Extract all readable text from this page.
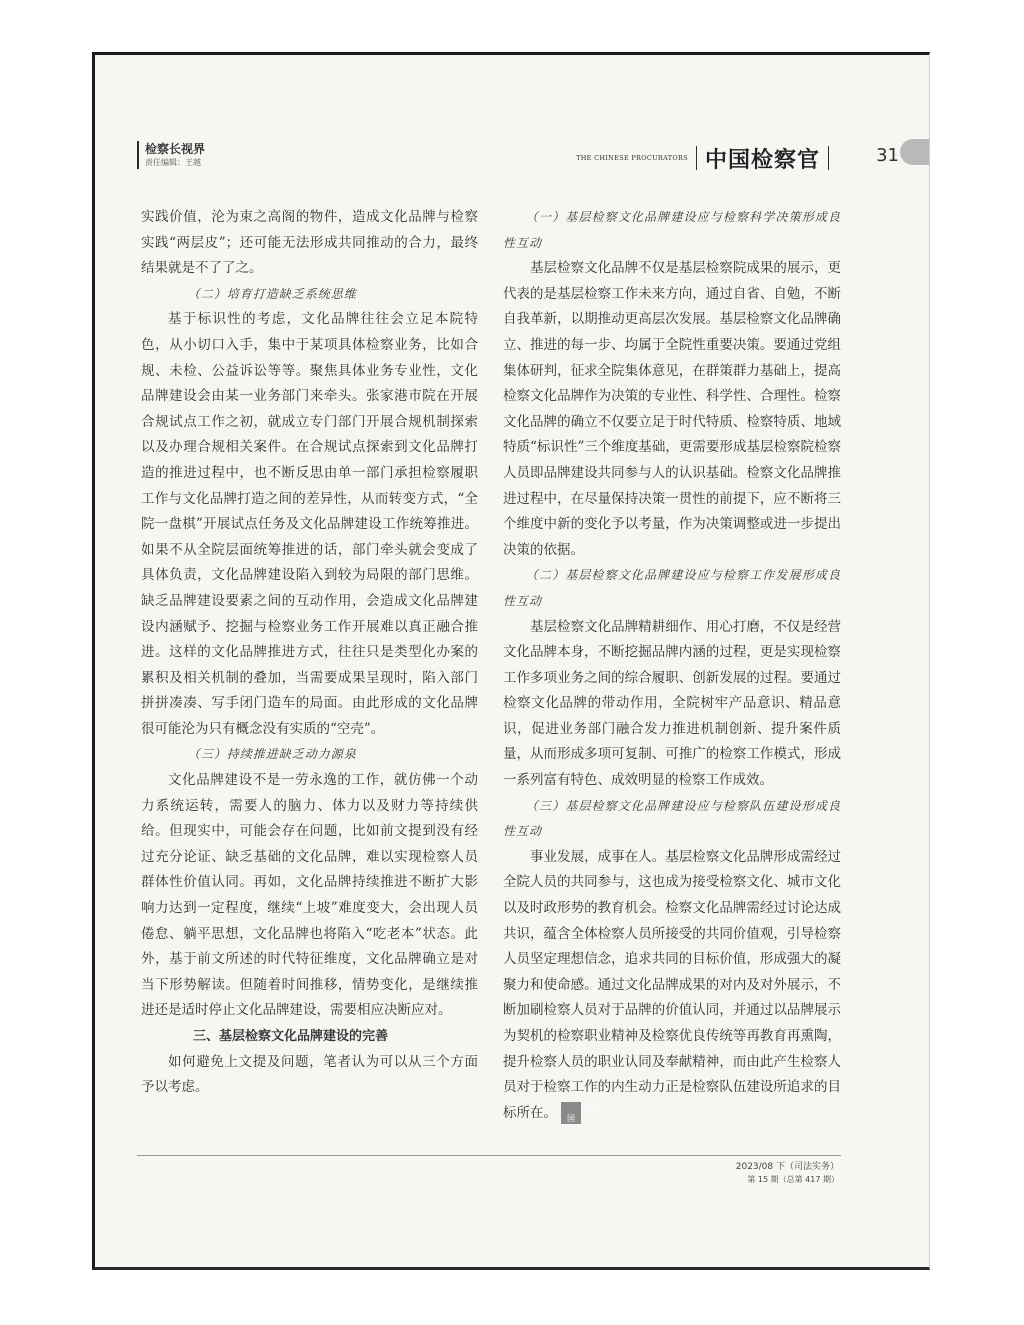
检察长视界
责任编辑：王越	THE CHINESE PROCURATORS 中国检察官	31

实践价值，沦为束之高阁的物件，造成文化品牌与检察实践“两层皮”；还可能无法形成共同推动的合力，最终结果就是不了了之。

（二）培育打造缺乏系统思维

基于标识性的考虑，文化品牌往往会立足本院特色，从小切口入手，集中于某项具体检察业务，比如合规、未检、公益诉讼等等。聚焦具体业务专业性，文化品牌建设会由某一业务部门来牵头。张家港市院在开展合规试点工作之初，就成立专门部门开展合规机制探索以及办理合规相关案件。在合规试点探索到文化品牌打造的推进过程中，也不断反思由单一部门承担检察履职工作与文化品牌打造之间的差异性，从而转变方式，“全院一盘棋”开展试点任务及文化品牌建设工作统筹推进。如果不从全院层面统筹推进的话，部门牵头就会变成了具体负责，文化品牌建设陷入到较为局限的部门思维。缺乏品牌建设要素之间的互动作用，会造成文化品牌建设内涵赋予、挖掘与检察业务工作开展难以真正融合推进。这样的文化品牌推进方式，往往只是类型化办案的累积及相关机制的叠加，当需要成果呈现时，陷入部门拼拼凑凑、写手闭门造车的局面。由此形成的文化品牌很可能沦为只有概念没有实质的“空壳”。

（三）持续推进缺乏动力源泉

文化品牌建设不是一劳永逸的工作，就仿佛一个动力系统运转，需要人的脑力、体力以及财力等持续供给。但现实中，可能会存在问题，比如前文提到没有经过充分论证、缺乏基础的文化品牌，难以实现检察人员群体性价值认同。再如，文化品牌持续推进不断扩大影响力达到一定程度，继续“上坡”难度变大，会出现人员倦怠、躺平思想，文化品牌也将陷入“吃老本”状态。此外，基于前文所述的时代特征维度，文化品牌确立是对当下形势解读。但随着时间推移，情势变化，是继续推进还是适时停止文化品牌建设，需要相应决断应对。

三、基层检察文化品牌建设的完善

如何避免上文提及问题，笔者认为可以从三个方面予以考虑。

（一）基层检察文化品牌建设应与检察科学决策形成良性互动

基层检察文化品牌不仅是基层检察院成果的展示，更代表的是基层检察工作未来方向，通过自省、自勉，不断自我革新，以期推动更高层次发展。基层检察文化品牌确立、推进的每一步、均属于全院性重要决策。要通过党组集体研判，征求全院集体意见，在群策群力基础上，提高检察文化品牌作为决策的专业性、科学性、合理性。检察文化品牌的确立不仅要立足于时代特质、检察特质、地域特质“标识性”三个维度基础，更需要形成基层检察院检察人员即品牌建设共同参与人的认识基础。检察文化品牌推进过程中，在尽量保持决策一贯性的前提下，应不断将三个维度中新的变化予以考量，作为决策调整或进一步提出决策的依据。

（二）基层检察文化品牌建设应与检察工作发展形成良性互动

基层检察文化品牌精耕细作、用心打磨，不仅是经营文化品牌本身，不断挖掘品牌内涵的过程，更是实现检察工作多项业务之间的综合履职、创新发展的过程。要通过检察文化品牌的带动作用，全院树牢产品意识、精品意识，促进业务部门融合发力推进机制创新、提升案件质量，从而形成多项可复制、可推广的检察工作模式，形成一系列富有特色、成效明显的检察工作成效。

（三）基层检察文化品牌建设应与检察队伍建设形成良性互动

事业发展，成事在人。基层检察文化品牌形成需经过全院人员的共同参与，这也成为接受检察文化、城市文化以及时政形势的教育机会。检察文化品牌需经过讨论达成共识，蕴含全体检察人员所接受的共同价值观，引导检察人员坚定理想信念，追求共同的目标价值，形成强大的凝聚力和使命感。通过文化品牌成果的对内及对外展示，不断加刷检察人员对于品牌的价值认同，并通过以品牌展示为契机的检察职业精神及检察优良传统等再教育再熏陶，提升检察人员的职业认同及奉献精神，而由此产生检察人员对于检察工作的内生动力正是检察队伍建设所追求的目标所在。	中国

2023/08 下（司法实务）
第 15 期（总第 417 期）
